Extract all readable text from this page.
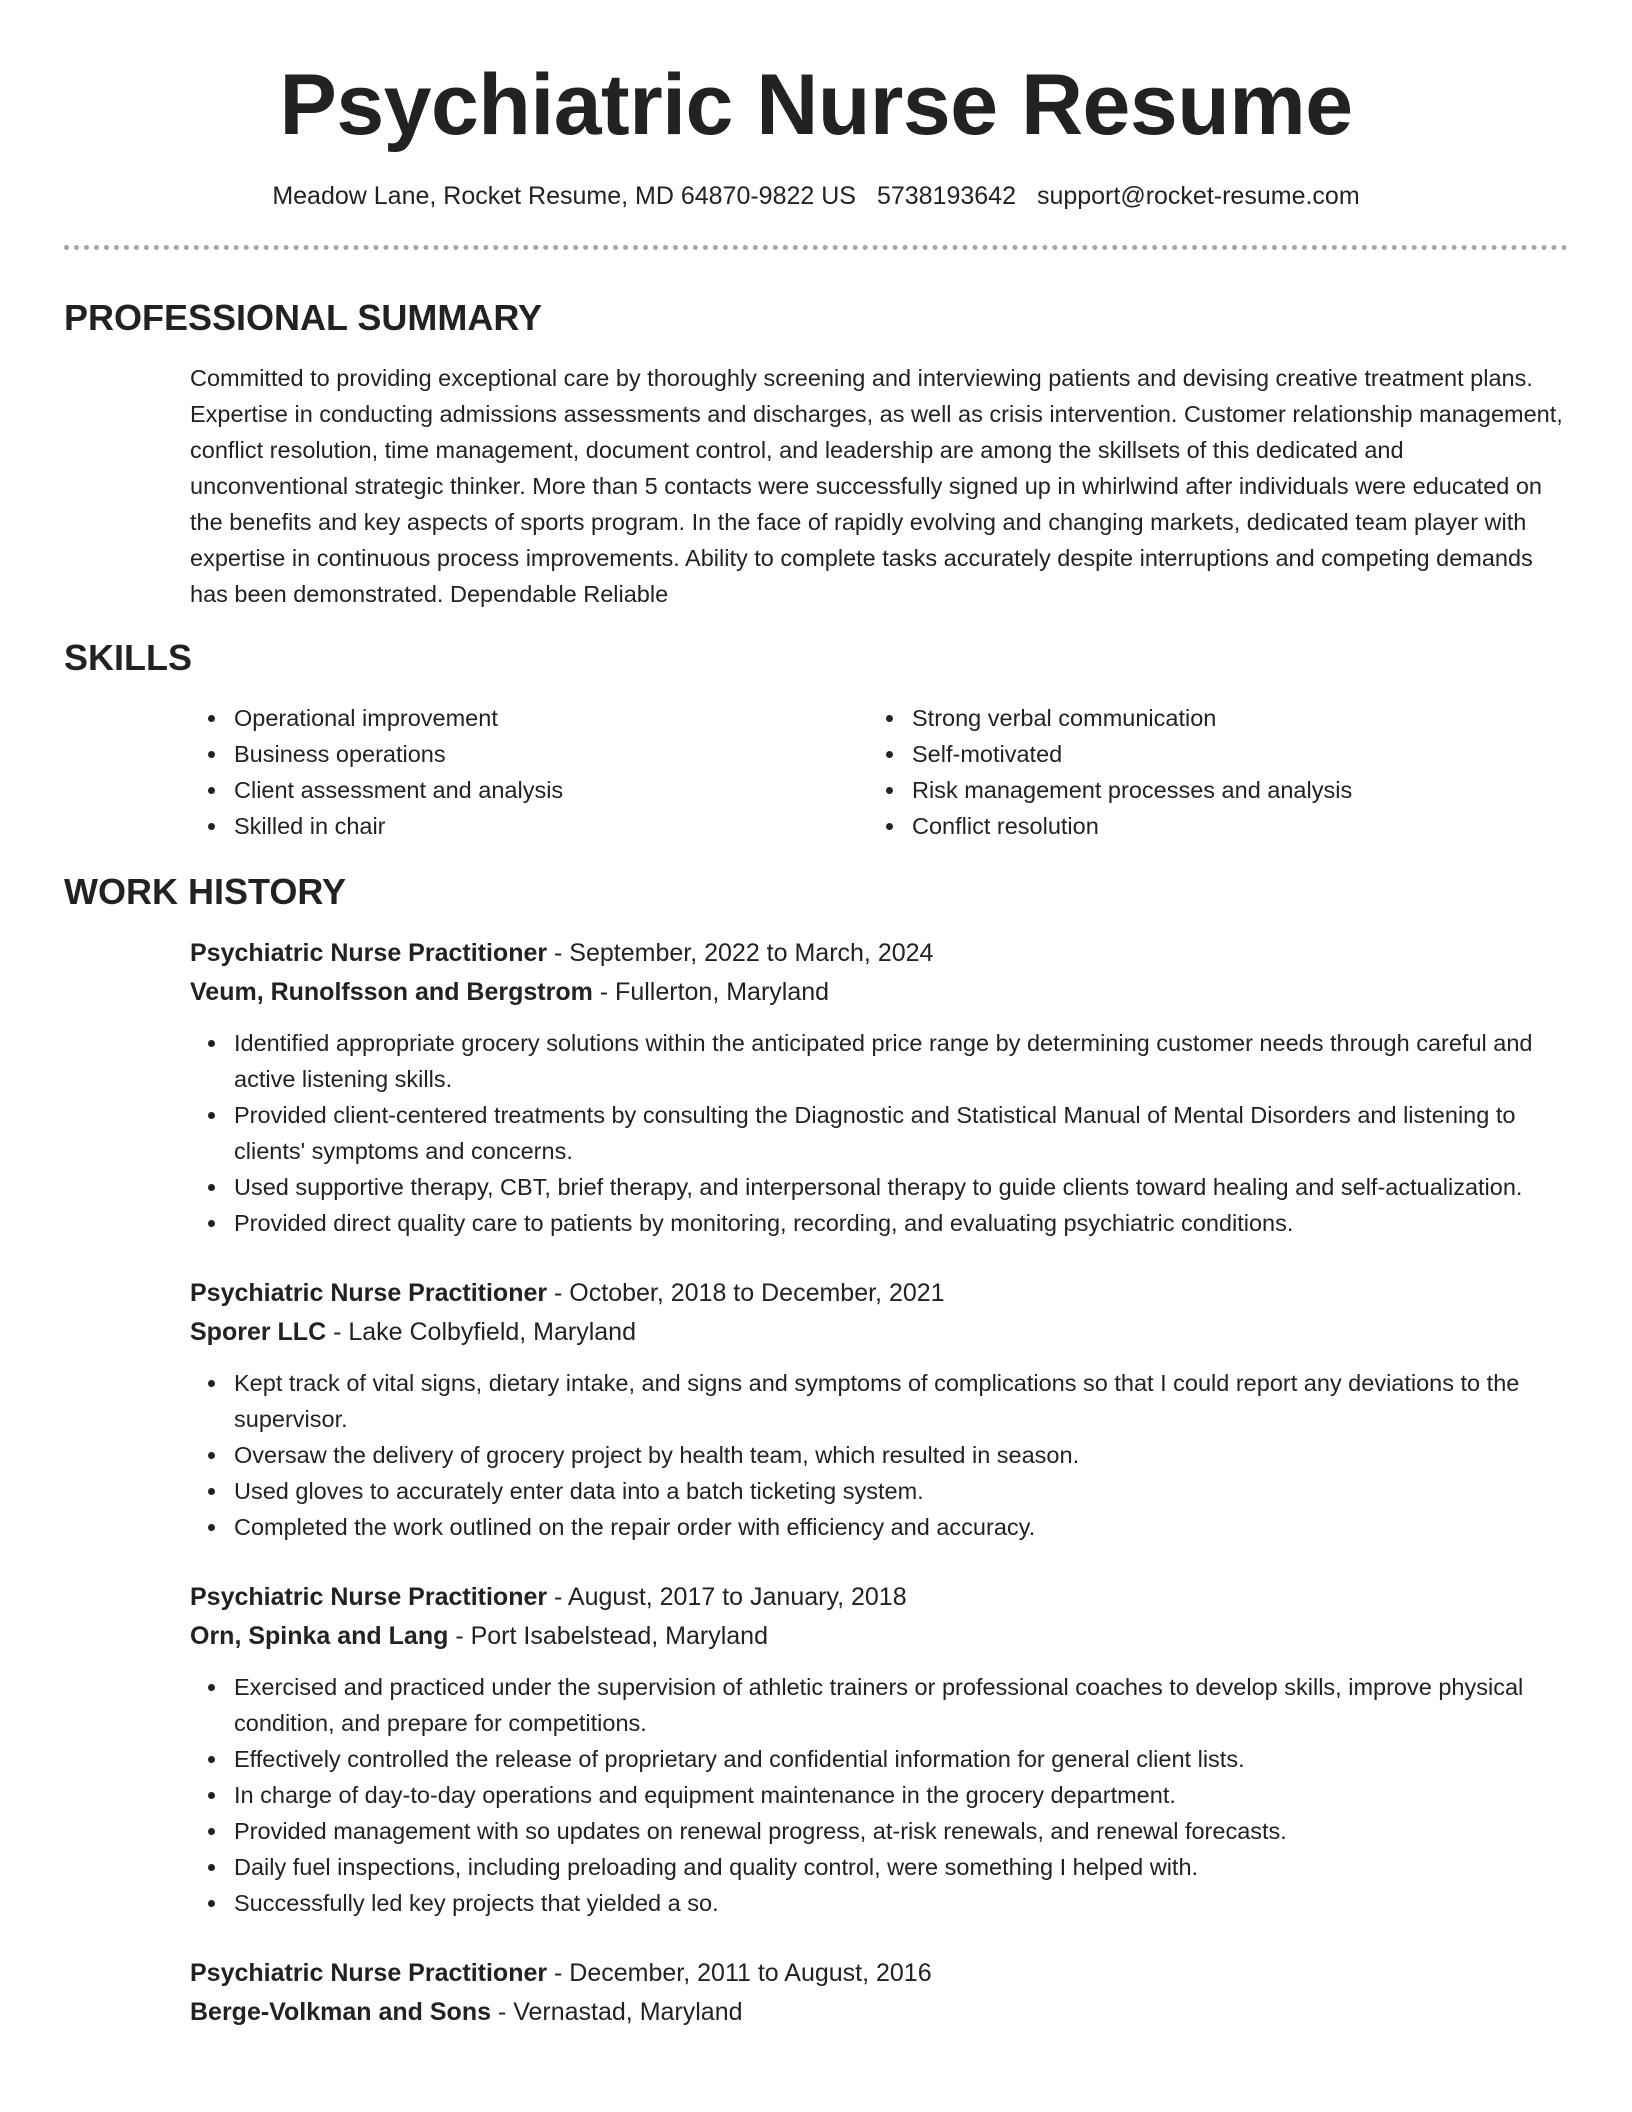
Psychiatric Nurse Resume
Meadow Lane, Rocket Resume, MD 64870-9822 US 5738193642 support@rocket-resume.com
PROFESSIONAL SUMMARY

Committed to providing exceptional care by thoroughly screening and interviewing patients and devising creative treatment plans. Expertise in conducting admissions assessments and discharges, as well as crisis intervention. Customer relationship management, conflict resolution, time management, document control, and leadership are among the skillsets of this dedicated and unconventional strategic thinker. More than 5 contacts were successfully signed up in whirlwind after individuals were educated on the benefits and key aspects of sports program. In the face of rapidly evolving and changing markets, dedicated team player with expertise in continuous process improvements. Ability to complete tasks accurately despite interruptions and competing demands has been demonstrated. Dependable Reliable

SKILLS
Operational improvement
Business operations
Client assessment and analysis
Skilled in chair
Strong verbal communication
Self-motivated
Risk management processes and analysis
Conflict resolution
WORK HISTORY
Psychiatric Nurse Practitioner - September, 2022 to March, 2024
Veum, Runolfsson and Bergstrom - Fullerton, Maryland
Identified appropriate grocery solutions within the anticipated price range by determining customer needs through careful and active listening skills.
Provided client-centered treatments by consulting the Diagnostic and Statistical Manual of Mental Disorders and listening to clients' symptoms and concerns.
Used supportive therapy, CBT, brief therapy, and interpersonal therapy to guide clients toward healing and self-actualization.
Provided direct quality care to patients by monitoring, recording, and evaluating psychiatric conditions.
Psychiatric Nurse Practitioner - October, 2018 to December, 2021
Sporer LLC - Lake Colbyfield, Maryland
Kept track of vital signs, dietary intake, and signs and symptoms of complications so that I could report any deviations to the supervisor.
Oversaw the delivery of grocery project by health team, which resulted in season.
Used gloves to accurately enter data into a batch ticketing system.
Completed the work outlined on the repair order with efficiency and accuracy.
Psychiatric Nurse Practitioner - August, 2017 to January, 2018
Orn, Spinka and Lang - Port Isabelstead, Maryland
Exercised and practiced under the supervision of athletic trainers or professional coaches to develop skills, improve physical condition, and prepare for competitions.
Effectively controlled the release of proprietary and confidential information for general client lists.
In charge of day-to-day operations and equipment maintenance in the grocery department.
Provided management with so updates on renewal progress, at-risk renewals, and renewal forecasts.
Daily fuel inspections, including preloading and quality control, were something I helped with.
Successfully led key projects that yielded a so.
Psychiatric Nurse Practitioner - December, 2011 to August, 2016
Berge-Volkman and Sons - Vernastad, Maryland
